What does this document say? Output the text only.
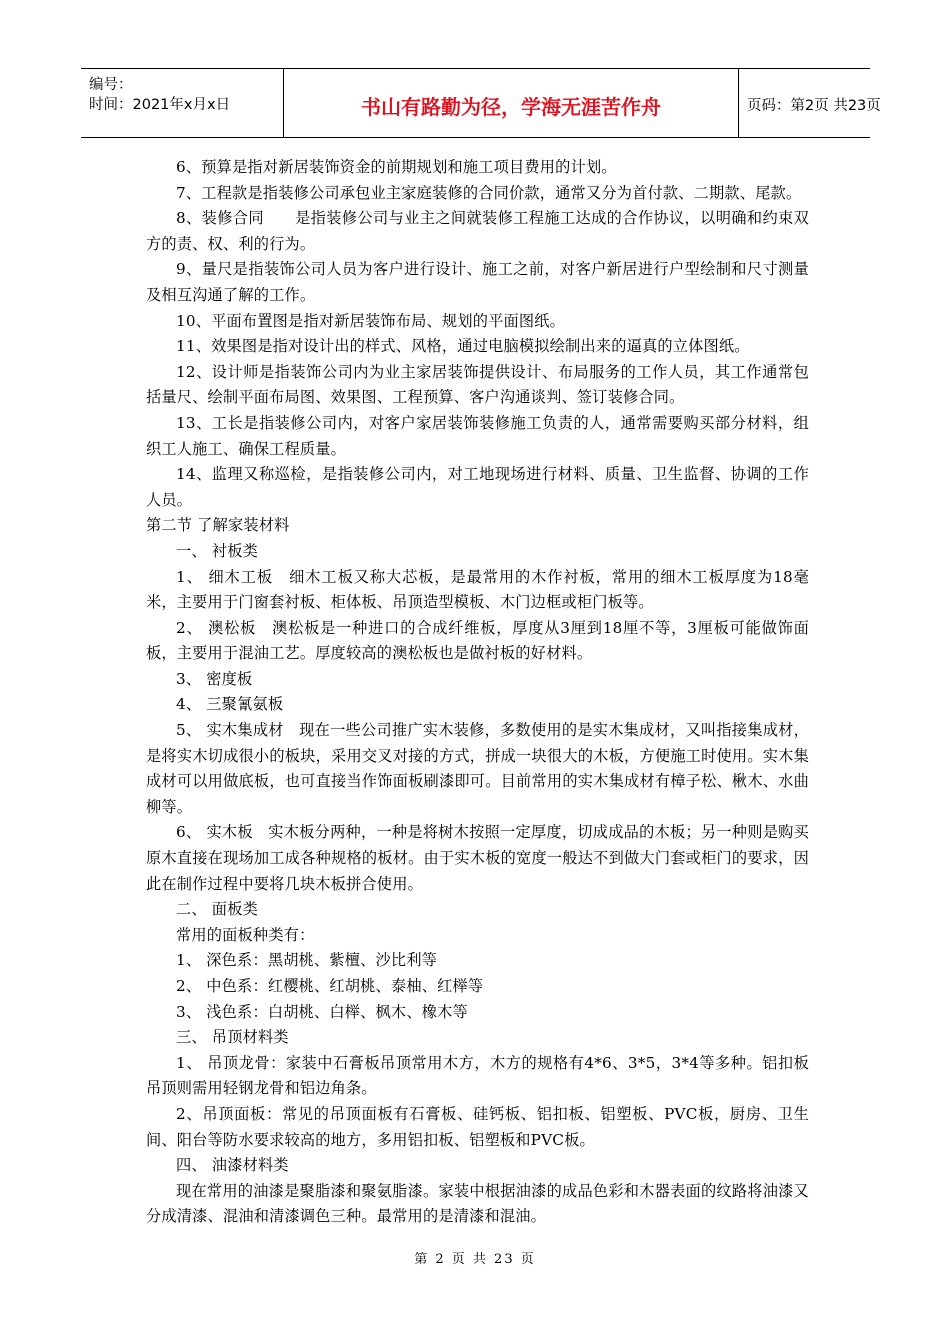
编号：
时间：2021年x月x日	书山有路勤为径，学海无涯苦作舟	页码：第2页 共23页

6、预算是指对新居装饰资金的前期规划和施工项目费用的计划。

7、工程款是指装修公司承包业主家庭装修的合同价款，通常又分为首付款、二期款、尾款。

8、装修合同　　是指装修公司与业主之间就装修工程施工达成的合作协议，以明确和约束双方的责、权、利的行为。

9、量尺是指装饰公司人员为客户进行设计、施工之前，对客户新居进行户型绘制和尺寸测量及相互沟通了解的工作。

10、平面布置图是指对新居装饰布局、规划的平面图纸。

11、效果图是指对设计出的样式、风格，通过电脑模拟绘制出来的逼真的立体图纸。

12、设计师是指装饰公司内为业主家居装饰提供设计、布局服务的工作人员，其工作通常包括量尺、绘制平面布局图、效果图、工程预算、客户沟通谈判、签订装修合同。

13、工长是指装修公司内，对客户家居装饰装修施工负责的人，通常需要购买部分材料，组织工人施工、确保工程质量。

14、监理又称巡检，是指装修公司内，对工地现场进行材料、质量、卫生监督、协调的工作人员。

第二节 了解家装材料

一、 衬板类

1、 细木工板　细木工板又称大芯板，是最常用的木作衬板，常用的细木工板厚度为18毫米，主要用于门窗套衬板、柜体板、吊顶造型模板、木门边框或柜门板等。

2、 澳松板　澳松板是一种进口的合成纤维板，厚度从3厘到18厘不等，3厘板可能做饰面板，主要用于混油工艺。厚度较高的澳松板也是做衬板的好材料。

3、 密度板

4、 三聚氰氨板

5、 实木集成材　现在一些公司推广实木装修，多数使用的是实木集成材，又叫指接集成材，是将实木切成很小的板块，采用交叉对接的方式，拼成一块很大的木板，方便施工时使用。实木集成材可以用做底板，也可直接当作饰面板刷漆即可。目前常用的实木集成材有樟子松、楸木、水曲柳等。

6、 实木板　实木板分两种，一种是将树木按照一定厚度，切成成品的木板；另一种则是购买原木直接在现场加工成各种规格的板材。由于实木板的宽度一般达不到做大门套或柜门的要求，因此在制作过程中要将几块木板拼合使用。

二、 面板类

常用的面板种类有：

1、 深色系：黑胡桃、紫檀、沙比利等

2、 中色系：红樱桃、红胡桃、泰柚、红榉等

3、 浅色系：白胡桃、白榉、枫木、橡木等

三、 吊顶材料类

1、 吊顶龙骨：家装中石膏板吊顶常用木方，木方的规格有4*6、3*5，3*4等多种。铝扣板吊顶则需用轻钢龙骨和铝边角条。

2、吊顶面板：常见的吊顶面板有石膏板、硅钙板、铝扣板、铝塑板、PVC板，厨房、卫生间、阳台等防水要求较高的地方，多用铝扣板、铝塑板和PVC板。

四、 油漆材料类

现在常用的油漆是聚脂漆和聚氨脂漆。家装中根据油漆的成品色彩和木器表面的纹路将油漆又分成清漆、混油和清漆调色三种。最常用的是清漆和混油。

第 2 页 共 23 页
